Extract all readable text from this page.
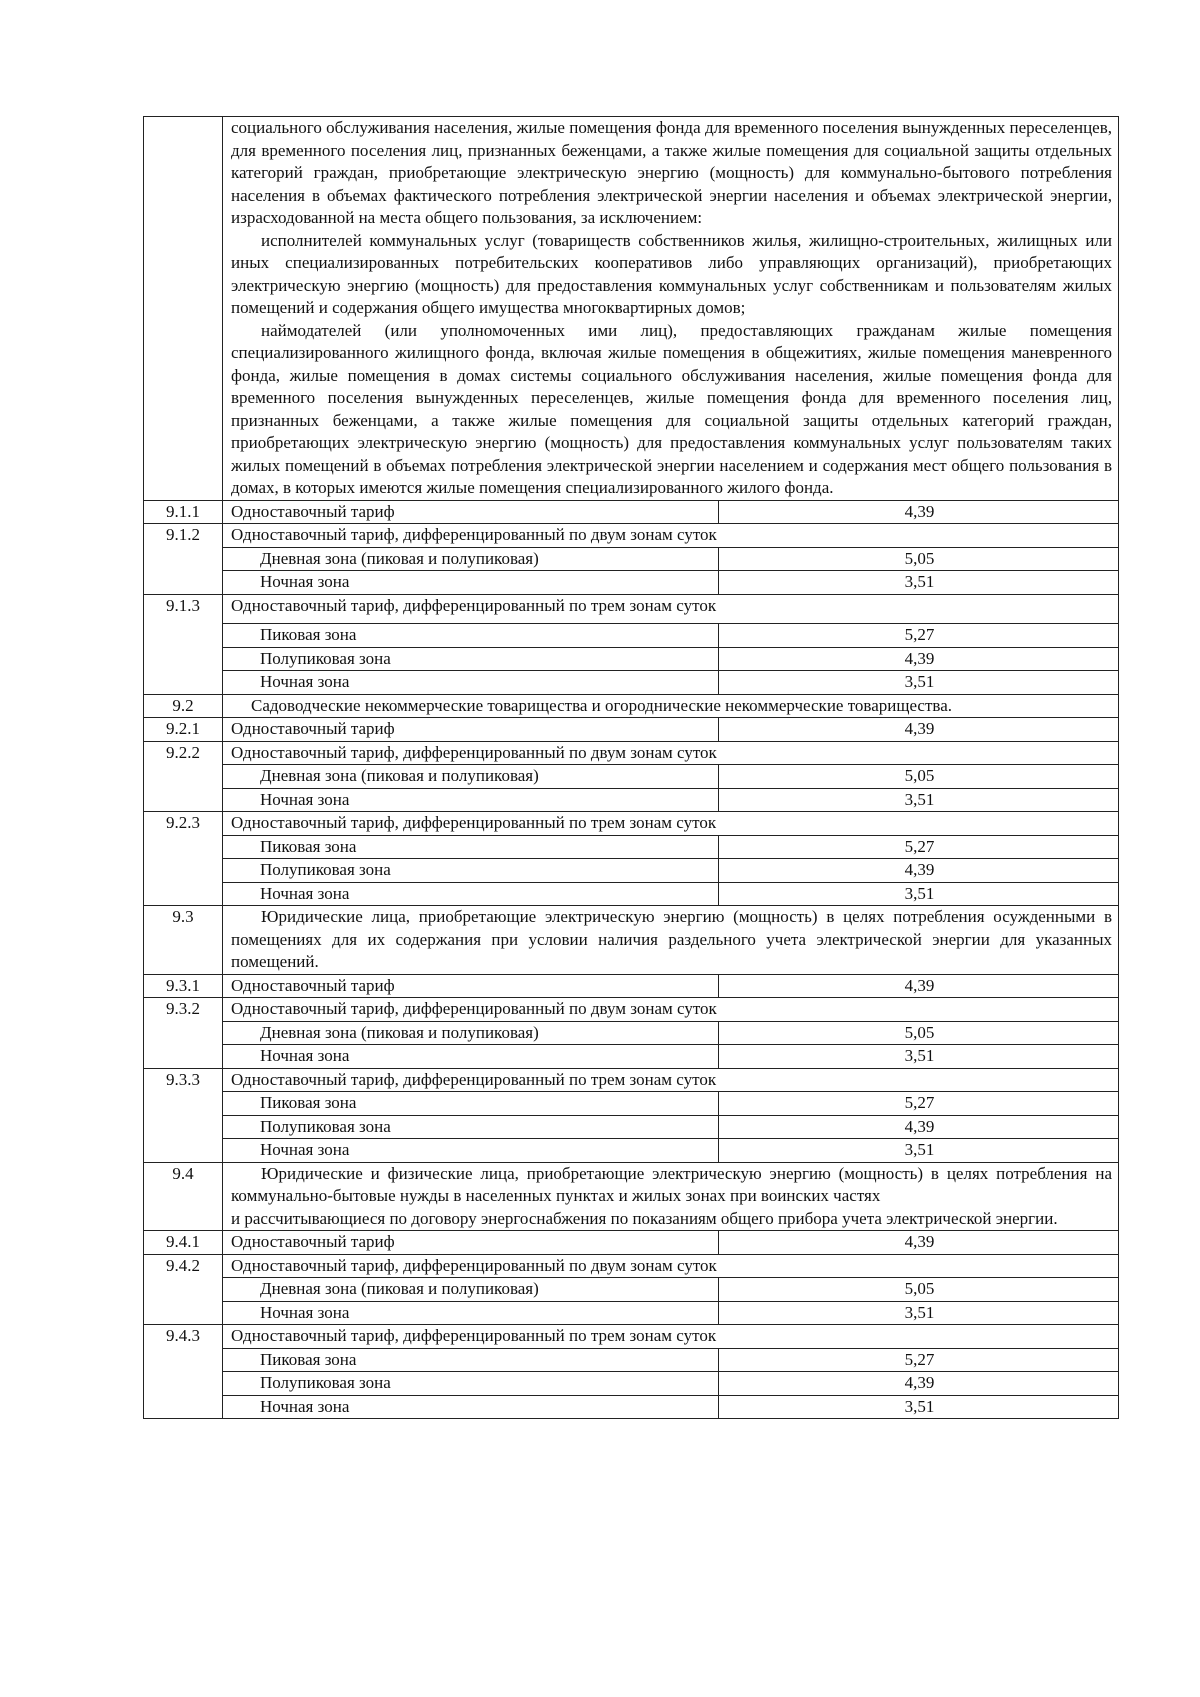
	социального обслуживания населения, жилые помещения фонда для временного поселения вынужденных переселенцев, для временного поселения лиц, признанных беженцами, а также жилые помещения для социальной защиты отдельных категорий граждан, приобретающие электрическую энергию (мощность) для коммунально-бытового потребления населения в объемах фактического потребления электрической энергии населения и объемах электрической энергии, израсходованной на места общего пользования, за исключением:
исполнителей коммунальных услуг (товариществ собственников жилья, жилищно-строительных, жилищных или иных специализированных потребительских кооперативов либо управляющих организаций), приобретающих электрическую энергию (мощность) для предоставления коммунальных услуг собственникам и пользователям жилых помещений и содержания общего имущества многоквартирных домов;
наймодателей (или уполномоченных ими лиц), предоставляющих гражданам жилые помещения специализированного жилищного фонда, включая жилые помещения в общежитиях, жилые помещения маневренного фонда, жилые помещения в домах системы социального обслуживания населения, жилые помещения фонда для временного поселения вынужденных переселенцев, жилые помещения фонда для временного поселения лиц, признанных беженцами, а также жилые помещения для социальной защиты отдельных категорий граждан, приобретающих электрическую энергию (мощность) для предоставления коммунальных услуг пользователям таких жилых помещений в объемах потребления электрической энергии населением и содержания мест общего пользования в домах, в которых имеются жилые помещения специализированного жилого фонда.	

9.1.1	Одноставочный тариф	4,39
9.1.2	Одноставочный тариф, дифференцированный по двум зонам суток	
	Дневная зона (пиковая и полупиковая)	5,05
	Ночная зона	3,51
9.1.3	Одноставочный тариф, дифференцированный по трем зонам суток	
	Пиковая зона	5,27
	Полупиковая зона	4,39
	Ночная зона	3,51
9.2	Садоводческие некоммерческие товарищества и огороднические некоммерческие товарищества.	
9.2.1	Одноставочный тариф	4,39
9.2.2	Одноставочный тариф, дифференцированный по двум зонам суток	
	Дневная зона (пиковая и полупиковая)	5,05
	Ночная зона	3,51
9.2.3	Одноставочный тариф, дифференцированный по трем зонам суток	
	Пиковая зона	5,27
	Полупиковая зона	4,39
	Ночная зона	3,51
9.3	Юридические лица, приобретающие электрическую энергию (мощность) в целях потребления осужденными в помещениях для их содержания при условии наличия раздельного учета электрической энергии для указанных помещений.	

9.3.1	Одноставочный тариф	4,39
9.3.2	Одноставочный тариф, дифференцированный по двум зонам суток	
	Дневная зона (пиковая и полупиковая)	5,05
	Ночная зона	3,51
9.3.3	Одноставочный тариф, дифференцированный по трем зонам суток	
	Пиковая зона	5,27
	Полупиковая зона	4,39
	Ночная зона	3,51
9.4	Юридические и физические лица, приобретающие электрическую энергию (мощность) в целях потребления на коммунально-бытовые нужды в населенных пунктах и жилых зонах при воинских частях
и рассчитывающиеся по договору энергоснабжения по показаниям общего прибора учета электрической энергии.	

9.4.1	Одноставочный тариф	4,39
9.4.2	Одноставочный тариф, дифференцированный по двум зонам суток	
	Дневная зона (пиковая и полупиковая)	5,05
	Ночная зона	3,51
9.4.3	Одноставочный тариф, дифференцированный по трем зонам суток	
	Пиковая зона	5,27
	Полупиковая зона	4,39
	Ночная зона	3,51
